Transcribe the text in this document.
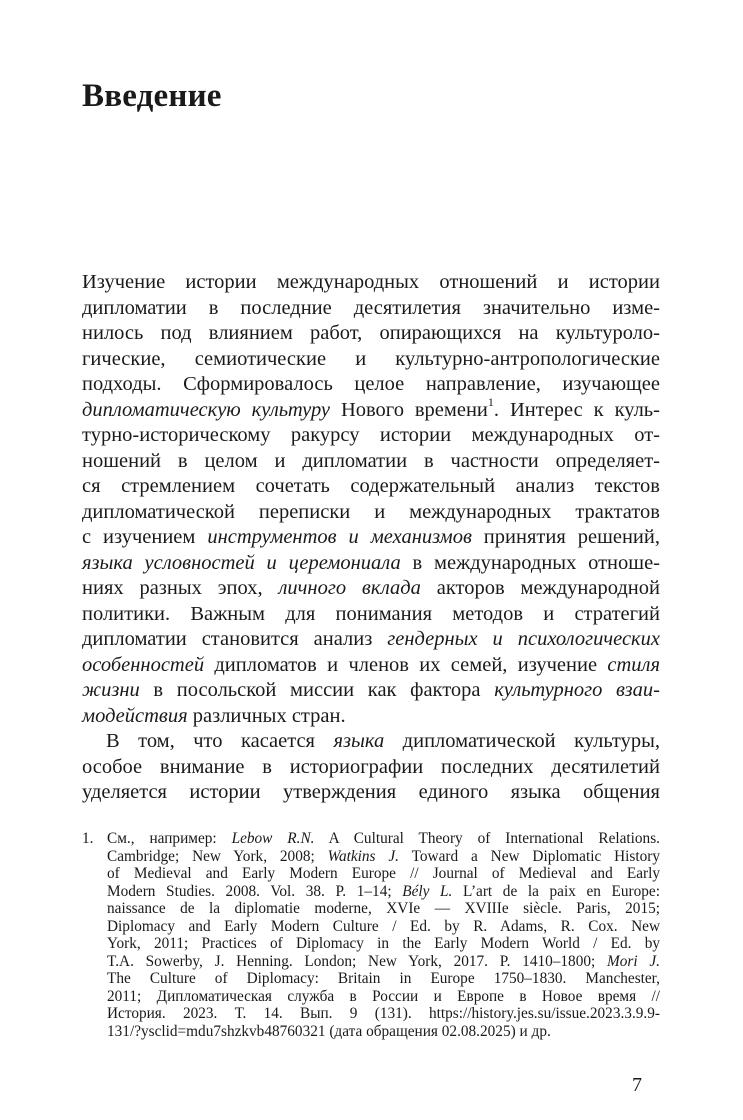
Введение

Изучение истории международных отношений и истории
дипломатии в последние десятилетия значительно изме-
нилось под влиянием работ, опирающихся на культуроло-
гические, семиотические и культурно-антропологические
подходы. Сформировалось целое направление, изучающее
дипломатическую культуру Нового времени$^1$. Интерес к куль-
турно-историческому ракурсу истории международных от-
ношений в целом и дипломатии в частности определяет-
ся стремлением сочетать содержательный анализ текстов
дипломатической переписки и международных трактатов
с изучением инструментов и механизмов принятия решений,
языка условностей и церемониала в международных отноше-
ниях разных эпох, личного вклада акторов международной
политики. Важным для понимания методов и стратегий
дипломатии становится анализ гендерных и психологических
особенностей дипломатов и членов их семей, изучение стиля
жизни в посольской миссии как фактора культурного взаи-
модействия различных стран.

В том, что касается языка дипломатической культуры,
особое внимание в историографии последних десятилетий
уделяется истории утверждения единого языка общения

1. См., например: Lebow R.N. A Cultural Theory of International Relations.
Cambridge; New York, 2008; Watkins J. Toward a New Diplomatic History
of Medieval and Early Modern Europe // Journal of Medieval and Early
Modern Studies. 2008. Vol. 38. P. 1–14; Bély L. L’art de la paix en Europe:
naissance de la diplomatie moderne, XVIe — XVIIIe siècle. Paris, 2015;
Diplomacy and Early Modern Culture / Ed. by R. Adams, R. Cox. New
York, 2011; Practices of Diplomacy in the Early Modern World / Ed. by
T.A. Sowerby, J. Henning. London; New York, 2017. P. 1410–1800; Mori J.
The Culture of Diplomacy: Britain in Europe 1750–1830. Manchester,
2011; Дипломатическая служба в России и Европе в Новое время //
История. 2023. Т. 14. Вып. 9 (131). https://history.jes.su/issue.2023.3.9.9-
131/?ysclid=mdu7shzkvb48760321 (дата обращения 02.08.2025) и др.
7
